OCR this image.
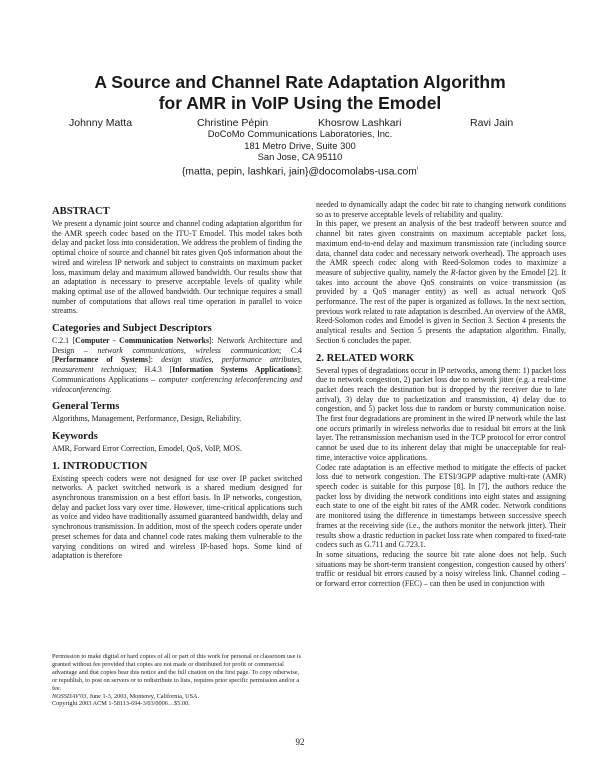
A Source and Channel Rate Adaptation Algorithm
for AMR in VoIP Using the Emodel
Johnny Matta	Christine Pépin	Khosrow Lashkari	Ravi Jain
DoCoMo Communications Laboratories, Inc.
181 Metro Drive, Suite 300
San Jose, CA 95110
{matta, pepin, lashkari, jain}@docomolabs-usa.com$^i$
ABSTRACT

We present a dynamic joint source and channel coding adaptation algorithm for the AMR speech codec based on the ITU-T Emodel. This model takes both delay and packet loss into consideration. We address the problem of finding the optimal choice of source and channel bit rates given QoS information about the wired and wireless IP network and subject to constraints on maximum packet loss, maximum delay and maximum allowed bandwidth. Our results show that an adaptation is necessary to preserve acceptable levels of quality while making optimal use of the allowed bandwidth. Our technique requires a small number of computations that allows real time operation in parallel to voice streams.

Categories and Subject Descriptors

C.2.1 [Computer - Communication Networks]: Network Architecture and Design – network communications, wireless communication; C.4 [Performance of Systems]: design studies, performance attributes, measurement techniques; H.4.3 [Information Systems Applications]: Communications Applications – computer conferencing teleconferencing and videoconferencing.

General Terms

Algorithms, Management, Performance, Design, Reliability.

Keywords

AMR, Forward Error Correction, Emodel, QoS, VoIP, MOS.

1. INTRODUCTION

Existing speech coders were not designed for use over IP packet switched networks. A packet switched network is a shared medium designed for asynchronous transmission on a best effort basis. In IP networks, congestion, delay and packet loss vary over time. However, time-critical applications such as voice and video have traditionally assumed guaranteed bandwidth, delay and synchronous transmission. In addition, most of the speech coders operate under preset schemes for data and channel code rates making them vulnerable to the varying conditions on wired and wireless IP-based hops. Some kind of adaptation is therefore

Permission to make digital or hard copies of all or part of this work for personal or classroom use is granted without fee provided that copies are not made or distributed for profit or commercial advantage and that copies bear this notice and the full citation on the first page. To copy otherwise, or republish, to post on servers or to redistribute to lists, requires prior specific permission and/or a fee.

NOSSDAV'03, June 1-3, 2003, Monterey, California, USA.

Copyright 2003 ACM 1-58113-694-3/03/0006…$5.00.

needed to dynamically adapt the codec bit rate to changing network conditions so as to preserve acceptable levels of reliability and quality.

In this paper, we present an analysis of the best tradeoff between source and channel bit rates given constraints on maximum acceptable packet loss, maximum end-to-end delay and maximum transmission rate (including source data, channel data codec and necessary network overhead). The approach uses the AMR speech codec along with Reed-Solomon codes to maximize a measure of subjective quality, namely the R-factor given by the Emodel [2]. It takes into account the above QoS constraints on voice transmission (as provided by a QoS manager entity) as well as actual network QoS performance. The rest of the paper is organized as follows. In the next section, previous work related to rate adaptation is described. An overview of the AMR, Reed-Solomon codes and Emodel is given in Section 3. Section 4 presents the analytical results and Section 5 presents the adaptation algorithm. Finally, Section 6 concludes the paper.

2. RELATED WORK

Several types of degradations occur in IP networks, among them: 1) packet loss due to network congestion, 2) packet loss due to network jitter (e.g. a real-time packet does reach the destination but is dropped by the receiver due to late arrival), 3) delay due to packetization and transmission, 4) delay due to congestion, and 5) packet loss due to random or bursty communication noise. The first four degradations are prominent in the wired IP network while the last one occurs primarily in wireless networks due to residual bit errors at the link layer. The retransmission mechanism used in the TCP protocol for error control cannot be used due to its inherent delay that might be unacceptable for real-time, interactive voice applications.

Codec rate adaptation is an effective method to mitigate the effects of packet loss due to network congestion. The ETSI/3GPP adaptive multi-rate (AMR) speech codec is suitable for this purpose [8]. In [7], the authors reduce the packet loss by dividing the network conditions into eight states and assigning each state to one of the eight bit rates of the AMR codec. Network conditions are monitored using the difference in timestamps between successive speech frames at the receiving side (i.e., the authors monitor the network jitter). Their results show a drastic reduction in packet loss rate when compared to fixed-rate codecs such as G.711 and G.723.1.

In some situations, reducing the source bit rate alone does not help. Such situations may be short-term transient congestion, congestion caused by others' traffic or residual bit errors caused by a noisy wireless link. Channel coding – or forward error correction (FEC) – can then be used in conjunction with

92
